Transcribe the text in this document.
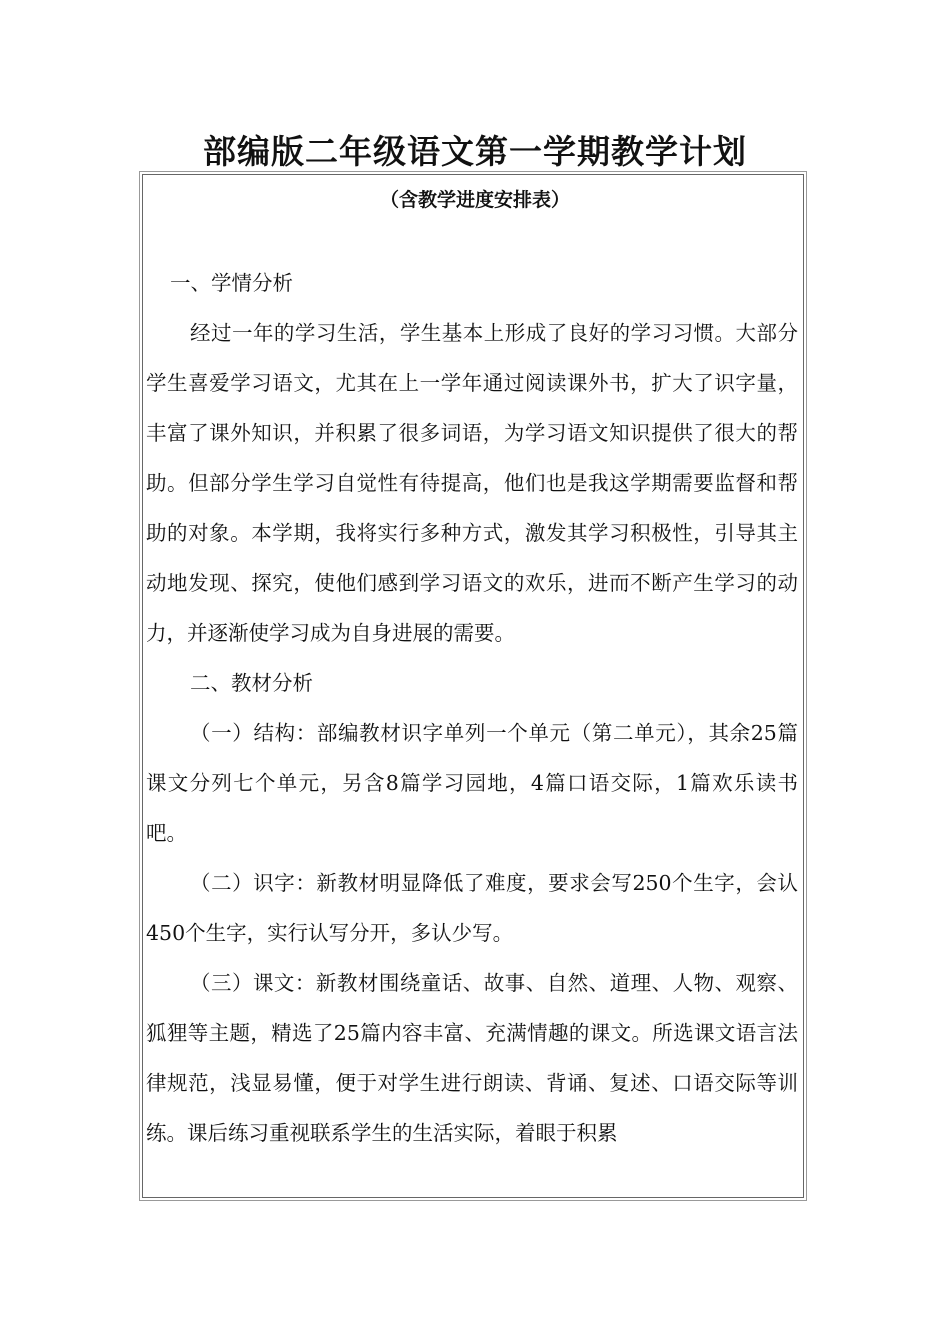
部编版二年级语文第一学期教学计划
（含教学进度安排表）

一、学情分析

经过一年的学习生活，学生基本上形成了良好的学习习惯。大部分学生喜爱学习语文，尤其在上一学年通过阅读课外书，扩大了识字量，丰富了课外知识，并积累了很多词语，为学习语文知识提供了很大的帮助。但部分学生学习自觉性有待提高，他们也是我这学期需要监督和帮助的对象。本学期，我将实行多种方式，激发其学习积极性，引导其主动地发现、探究，使他们感到学习语文的欢乐，进而不断产生学习的动力，并逐渐使学习成为自身进展的需要。

二、教材分析

（一）结构：部编教材识字单列一个单元（第二单元），其余25篇课文分列七个单元，另含8篇学习园地，4篇口语交际，1篇欢乐读书吧。

（二）识字：新教材明显降低了难度，要求会写250个生字，会认450个生字，实行认写分开，多认少写。

（三）课文：新教材围绕童话、故事、自然、道理、人物、观察、狐狸等主题，精选了25篇内容丰富、充满情趣的课文。所选课文语言法律规范，浅显易懂，便于对学生进行朗读、背诵、复述、口语交际等训练。课后练习重视联系学生的生活实际，着眼于积累
